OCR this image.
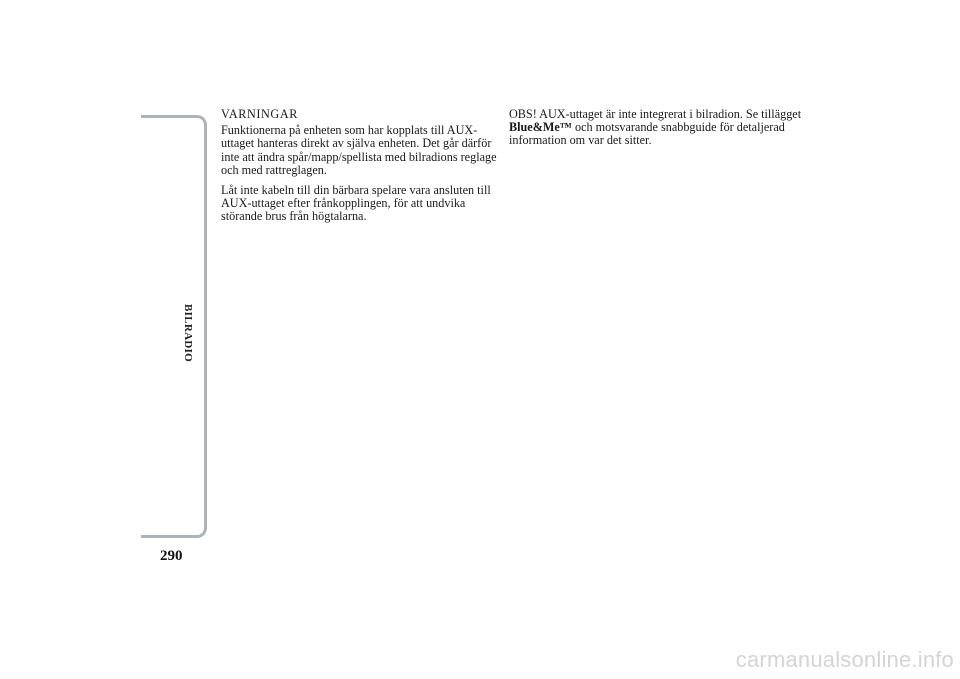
BILRADIO
290
VARNINGAR

Funktionerna på enheten som har kopplats till AUX-uttaget hanteras direkt av själva enheten. Det går därför inte att ändra spår/mapp/spellista med bilradions reglage och med rattreglagen.

Låt inte kabeln till din bärbara spelare vara ansluten till AUX-uttaget efter frånkopplingen, för att undvika störande brus från högtalarna.

OBS! AUX-uttaget är inte integrerat i bilradion. Se tillägget Blue&Me™ och motsvarande snabbguide för detaljerad information om var det sitter.

carmanualsonline.info
